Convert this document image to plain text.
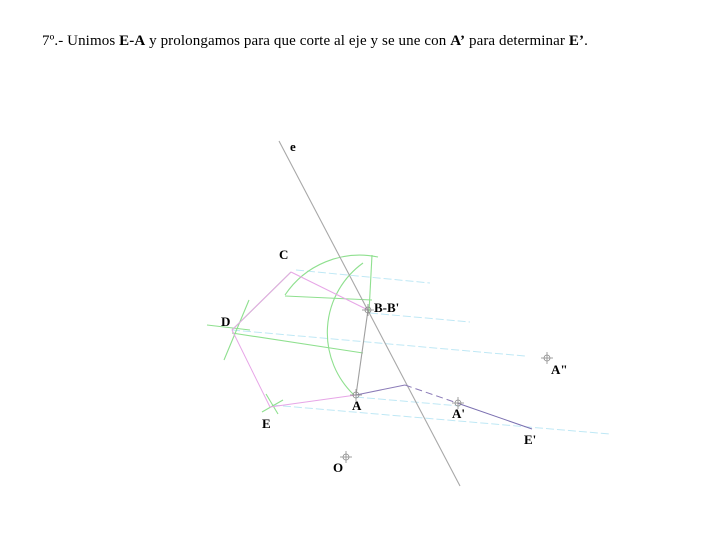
7º.- Unimos E-A y prolongamos para que corte al eje y se une con A’ para determinar E’.
e
C
B-B'
D
A"
A
A'
E
E'
O
